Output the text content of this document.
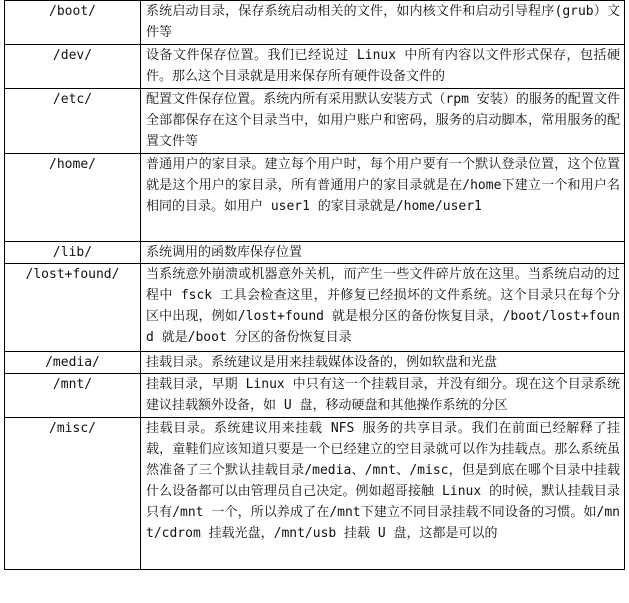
/boot/	系统启动目录，保存系统启动相关的文件，如内核文件和启动引导程序(grub）文件等
/dev/	设备文件保存位置。我们已经说过 Linux 中所有内容以文件形式保存，包括硬件。那么这个目录就是用来保存所有硬件设备文件的
/etc/	配置文件保存位置。系统内所有采用默认安装方式（rpm 安装）的服务的配置文件全部都保存在这个目录当中，如用户账户和密码，服务的启动脚本，常用服务的配置文件等
/home/	普通用户的家目录。建立每个用户时，每个用户要有一个默认登录位置，这个位置就是这个用户的家目录，所有普通用户的家目录就是在/home下建立一个和用户名相同的目录。如用户 user1 的家目录就是/home/user1
/lib/	系统调用的函数库保存位置
/lost+found/	当系统意外崩溃或机器意外关机，而产生一些文件碎片放在这里。当系统启动的过程中 fsck 工具会检查这里，并修复已经损坏的文件系统。这个目录只在每个分区中出现，例如/lost+found 就是根分区的备份恢复目录，/boot/lost+found 就是/boot 分区的备份恢复目录
/media/	挂载目录。系统建议是用来挂载媒体设备的，例如软盘和光盘
/mnt/	挂载目录，早期 Linux 中只有这一个挂载目录，并没有细分。现在这个目录系统建议挂载额外设备，如 U 盘，移动硬盘和其他操作系统的分区
/misc/	挂载目录。系统建议用来挂载 NFS 服务的共享目录。我们在前面已经解释了挂载，童鞋们应该知道只要是一个已经建立的空目录就可以作为挂载点。那么系统虽然准备了三个默认挂载目录/media、/mnt、/misc，但是到底在哪个目录中挂载什么设备都可以由管理员自己决定。例如超哥接触 Linux 的时候，默认挂载目录只有/mnt 一个，所以养成了在/mnt下建立不同目录挂载不同设备的习惯。如/mnt/cdrom 挂载光盘，/mnt/usb 挂载 U 盘，这都是可以的
